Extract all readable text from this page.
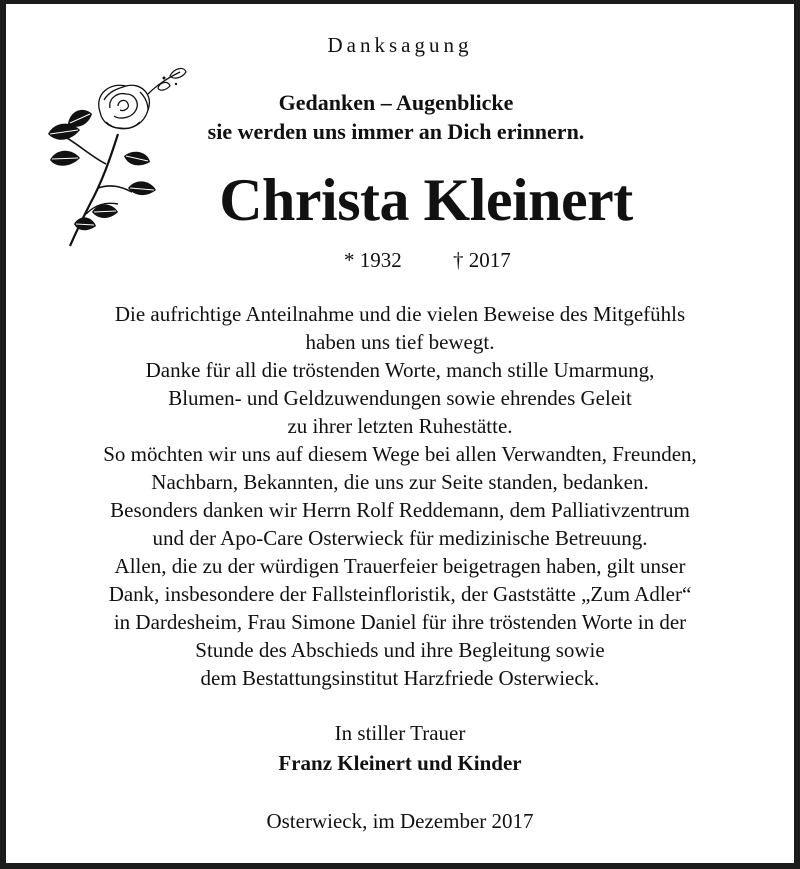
Danksagung
Gedanken – Augenblicke
sie werden uns immer an Dich erinnern.
Christa Kleinert
* 1932 † 2017
Die aufrichtige Anteilnahme und die vielen Beweise des Mitgefühls
haben uns tief bewegt.
Danke für all die tröstenden Worte, manch stille Umarmung,
Blumen- und Geldzuwendungen sowie ehrendes Geleit
zu ihrer letzten Ruhestätte.
So möchten wir uns auf diesem Wege bei allen Verwandten, Freunden,
Nachbarn, Bekannten, die uns zur Seite standen, bedanken.
Besonders danken wir Herrn Rolf Reddemann, dem Palliativzentrum
und der Apo-Care Osterwieck für medizinische Betreuung.
Allen, die zu der würdigen Trauerfeier beigetragen haben, gilt unser
Dank, insbesondere der Fallsteinfloristik, der Gaststätte „Zum Adler“
in Dardesheim, Frau Simone Daniel für ihre tröstenden Worte in der
Stunde des Abschieds und ihre Begleitung sowie
dem Bestattungsinstitut Harzfriede Osterwieck.
In stiller Trauer
Franz Kleinert und Kinder
Osterwieck, im Dezember 2017
